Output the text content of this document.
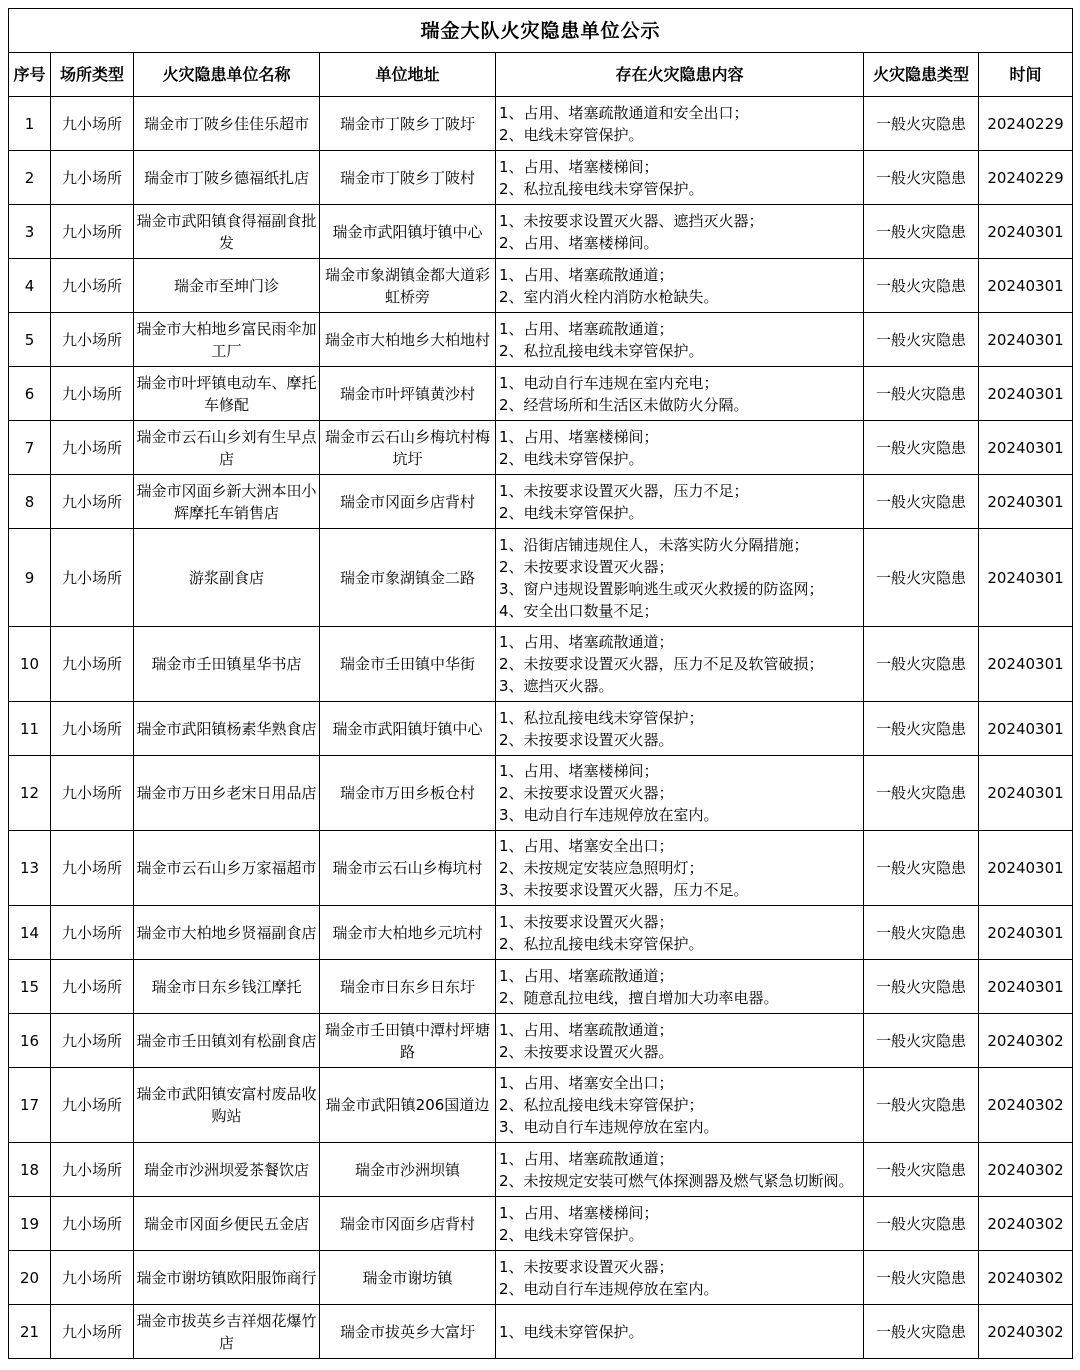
瑞金大队火灾隐患单位公示						
序号	场所类型	火灾隐患单位名称	单位地址	存在火灾隐患内容	火灾隐患类型	时间
1	九小场所	瑞金市丁陂乡佳佳乐超市	瑞金市丁陂乡丁陂圩	1、占用、堵塞疏散通道和安全出口；
2、电线未穿管保护。	一般火灾隐患	20240229
2	九小场所	瑞金市丁陂乡德福纸扎店	瑞金市丁陂乡丁陂村	1、占用、堵塞楼梯间；
2、私拉乱接电线未穿管保护。	一般火灾隐患	20240229
3	九小场所	瑞金市武阳镇食得福副食批发	瑞金市武阳镇圩镇中心	1、未按要求设置灭火器、遮挡灭火器；
2、占用、堵塞楼梯间。	一般火灾隐患	20240301
4	九小场所	瑞金市至坤门诊	瑞金市象湖镇金都大道彩虹桥旁	1、占用、堵塞疏散通道；
2、室内消火栓内消防水枪缺失。	一般火灾隐患	20240301
5	九小场所	瑞金市大柏地乡富民雨伞加工厂	瑞金市大柏地乡大柏地村	1、占用、堵塞疏散通道；
2、私拉乱接电线未穿管保护。	一般火灾隐患	20240301
6	九小场所	瑞金市叶坪镇电动车、摩托车修配	瑞金市叶坪镇黄沙村	1、电动自行车违规在室内充电；
2、经营场所和生活区未做防火分隔。	一般火灾隐患	20240301
7	九小场所	瑞金市云石山乡刘有生早点店	瑞金市云石山乡梅坑村梅坑圩	1、占用、堵塞楼梯间；
2、电线未穿管保护。	一般火灾隐患	20240301
8	九小场所	瑞金市冈面乡新大洲本田小辉摩托车销售店	瑞金市冈面乡店背村	1、未按要求设置灭火器，压力不足；
2、电线未穿管保护。	一般火灾隐患	20240301
9	九小场所	游浆副食店	瑞金市象湖镇金二路	1、沿街店铺违规住人，未落实防火分隔措施；
2、未按要求设置灭火器；
3、窗户违规设置影响逃生或灭火救援的防盗网；
4、安全出口数量不足；	一般火灾隐患	20240301
10	九小场所	瑞金市壬田镇星华书店	瑞金市壬田镇中华街	1、占用、堵塞疏散通道；
2、未按要求设置灭火器，压力不足及软管破损；
3、遮挡灭火器。	一般火灾隐患	20240301
11	九小场所	瑞金市武阳镇杨素华熟食店	瑞金市武阳镇圩镇中心	1、私拉乱接电线未穿管保护；
2、未按要求设置灭火器。	一般火灾隐患	20240301
12	九小场所	瑞金市万田乡老宋日用品店	瑞金市万田乡板仓村	1、占用、堵塞楼梯间；
2、未按要求设置灭火器；
3、电动自行车违规停放在室内。	一般火灾隐患	20240301
13	九小场所	瑞金市云石山乡万家福超市	瑞金市云石山乡梅坑村	1、占用、堵塞安全出口；
2、未按规定安装应急照明灯；
3、未按要求设置灭火器，压力不足。	一般火灾隐患	20240301
14	九小场所	瑞金市大柏地乡贤福副食店	瑞金市大柏地乡元坑村	1、未按要求设置灭火器；
2、私拉乱接电线未穿管保护。	一般火灾隐患	20240301
15	九小场所	瑞金市日东乡钱江摩托	瑞金市日东乡日东圩	1、占用、堵塞疏散通道；
2、随意乱拉电线，擅自增加大功率电器。	一般火灾隐患	20240301
16	九小场所	瑞金市壬田镇刘有松副食店	瑞金市壬田镇中潭村坪塘路	1、占用、堵塞疏散通道；
2、未按要求设置灭火器。	一般火灾隐患	20240302
17	九小场所	瑞金市武阳镇安富村废品收购站	瑞金市武阳镇206国道边	1、占用、堵塞安全出口；
2、私拉乱接电线未穿管保护；
3、电动自行车违规停放在室内。	一般火灾隐患	20240302
18	九小场所	瑞金市沙洲坝爱茶餐饮店	瑞金市沙洲坝镇	1、占用、堵塞疏散通道；
2、未按规定安装可燃气体探测器及燃气紧急切断阀。	一般火灾隐患	20240302
19	九小场所	瑞金市冈面乡便民五金店	瑞金市冈面乡店背村	1、占用、堵塞楼梯间；
2、电线未穿管保护。	一般火灾隐患	20240302
20	九小场所	瑞金市谢坊镇欧阳服饰商行	瑞金市谢坊镇	1、未按要求设置灭火器；
2、电动自行车违规停放在室内。	一般火灾隐患	20240302
21	九小场所	瑞金市拔英乡吉祥烟花爆竹店	瑞金市拔英乡大富圩	1、电线未穿管保护。	一般火灾隐患	20240302
